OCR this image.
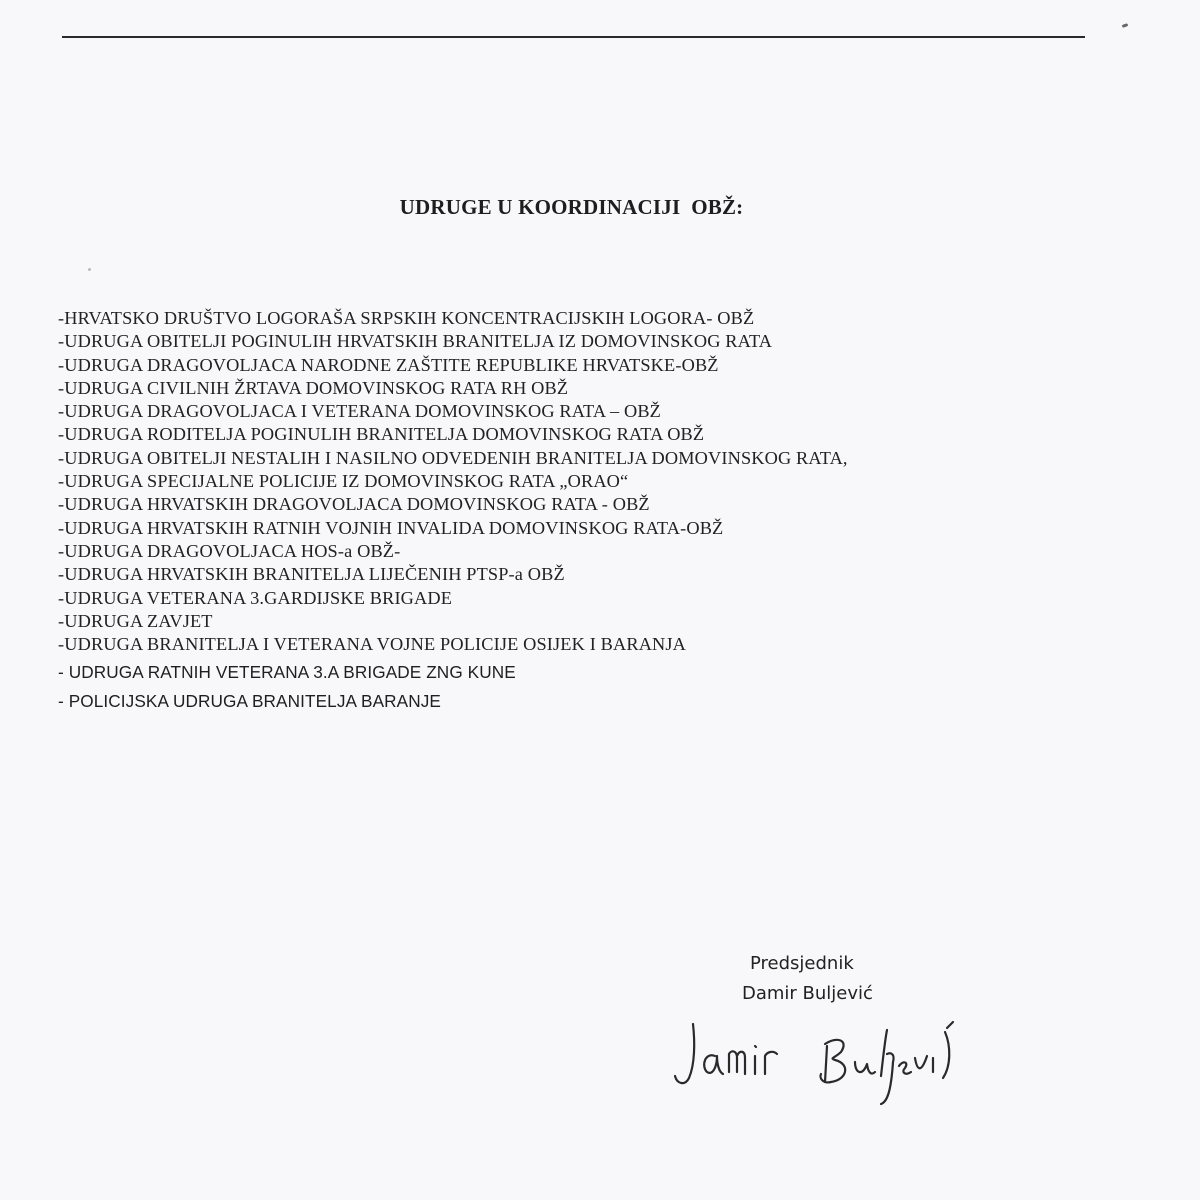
UDRUGE U KOORDINACIJI  OBŽ:
-HRVATSKO DRUŠTVO LOGORAŠA SRPSKIH KONCENTRACIJSKIH LOGORA- OBŽ
-UDRUGA OBITELJI POGINULIH HRVATSKIH BRANITELJA IZ DOMOVINSKOG RATA
-UDRUGA DRAGOVOLJACA NARODNE ZAŠTITE REPUBLIKE HRVATSKE-OBŽ
-UDRUGA CIVILNIH ŽRTAVA DOMOVINSKOG RATA RH OBŽ
-UDRUGA DRAGOVOLJACA I VETERANA DOMOVINSKOG RATA – OBŽ
-UDRUGA RODITELJA POGINULIH BRANITELJA DOMOVINSKOG RATA OBŽ
-UDRUGA OBITELJI NESTALIH I NASILNO ODVEDENIH BRANITELJA DOMOVINSKOG RATA,
-UDRUGA SPECIJALNE POLICIJE IZ DOMOVINSKOG RATA „ORAO“
-UDRUGA HRVATSKIH DRAGOVOLJACA DOMOVINSKOG RATA - OBŽ
-UDRUGA HRVATSKIH RATNIH VOJNIH INVALIDA DOMOVINSKOG RATA-OBŽ
-UDRUGA DRAGOVOLJACA HOS-a OBŽ-
-UDRUGA HRVATSKIH BRANITELJA LIJEČENIH PTSP-a OBŽ
-UDRUGA VETERANA 3.GARDIJSKE BRIGADE
-UDRUGA ZAVJET
-UDRUGA BRANITELJA I VETERANA VOJNE POLICIJE OSIJEK I BARANJA
- UDRUGA RATNIH VETERANA 3.A BRIGADE ZNG KUNE
- POLICIJSKA UDRUGA BRANITELJA BARANJE
Predsjednik
Damir Buljević
